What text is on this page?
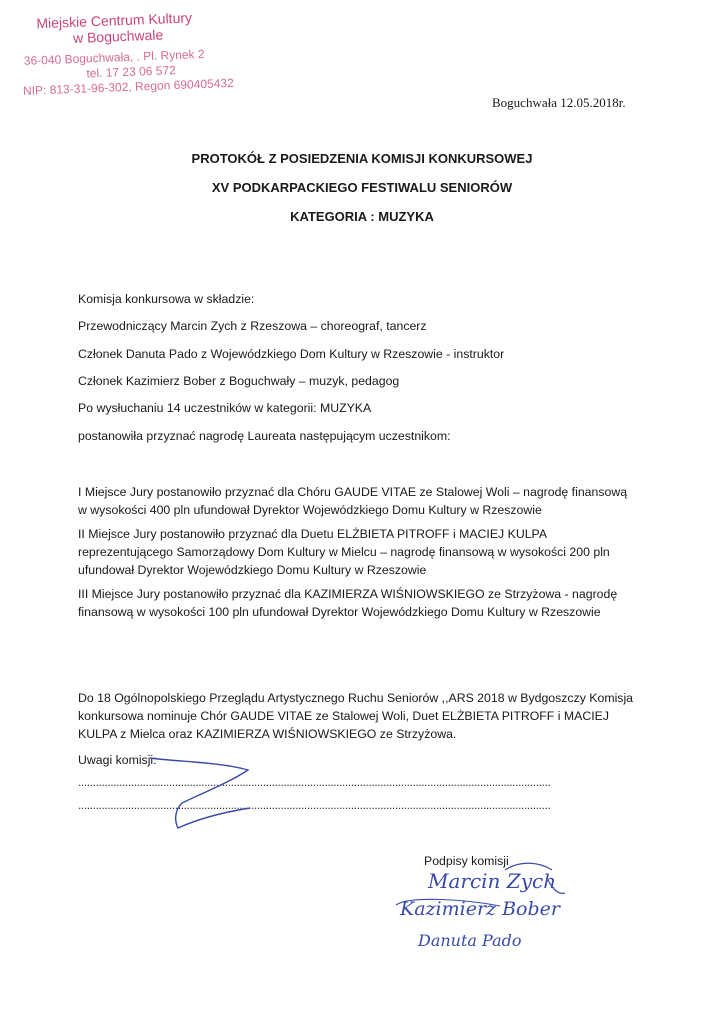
Miejskie Centrum Kultury
w Boguchwale
36-040 Boguchwała, . Pl. Rynek 2
tel. 17 23 06 572
NIP: 813-31-96-302, Regon 690405432
Boguchwała 12.05.2018r.
PROTOKÓŁ Z POSIEDZENIA KOMISJI KONKURSOWEJ
XV PODKARPACKIEGO FESTIWALU SENIORÓW
KATEGORIA : MUZYKA
Komisja konkursowa w składzie:
Przewodniczący Marcin Zych z Rzeszowa – choreograf, tancerz
Członek Danuta Pado z Wojewódzkiego Dom Kultury w Rzeszowie - instruktor
Członek Kazimierz Bober z Boguchwały – muzyk, pedagog
Po wysłuchaniu 14 uczestników w kategorii: MUZYKA
postanowiła przyznać nagrodę Laureata następującym uczestnikom:
I Miejsce Jury postanowiło przyznać dla Chóru GAUDE VITAE ze Stalowej Woli – nagrodę finansową w wysokości 400 pln ufundował Dyrektor Wojewódzkiego Domu Kultury w Rzeszowie
II Miejsce Jury postanowiło przyznać dla Duetu ELŻBIETA PITROFF i MACIEJ KULPA reprezentującego Samorządowy Dom Kultury w Mielcu – nagrodę finansową w wysokości 200 pln ufundował Dyrektor Wojewódzkiego Domu Kultury w Rzeszowie
III Miejsce Jury postanowiło przyznać dla KAZIMIERZA WIŚNIOWSKIEGO ze Strzyżowa - nagrodę finansową w wysokości 100 pln ufundował Dyrektor Wojewódzkiego Domu Kultury w Rzeszowie
Do 18 Ogólnopolskiego Przeglądu Artystycznego Ruchu Seniorów ,,ARS 2018 w Bydgoszczy Komisja konkursowa nominuje Chór GAUDE VITAE ze Stalowej Woli, Duet ELŻBIETA PITROFF i MACIEJ KULPA z Mielca oraz KAZIMIERZA WIŚNIOWSKIEGO ze Strzyżowa.
Uwagi komisji:
.................................................................................................................................................................
.................................................................................................................................................................
Podpisy komisji
Marcin Zych
Kazimierz Bober
Danuta Pado
